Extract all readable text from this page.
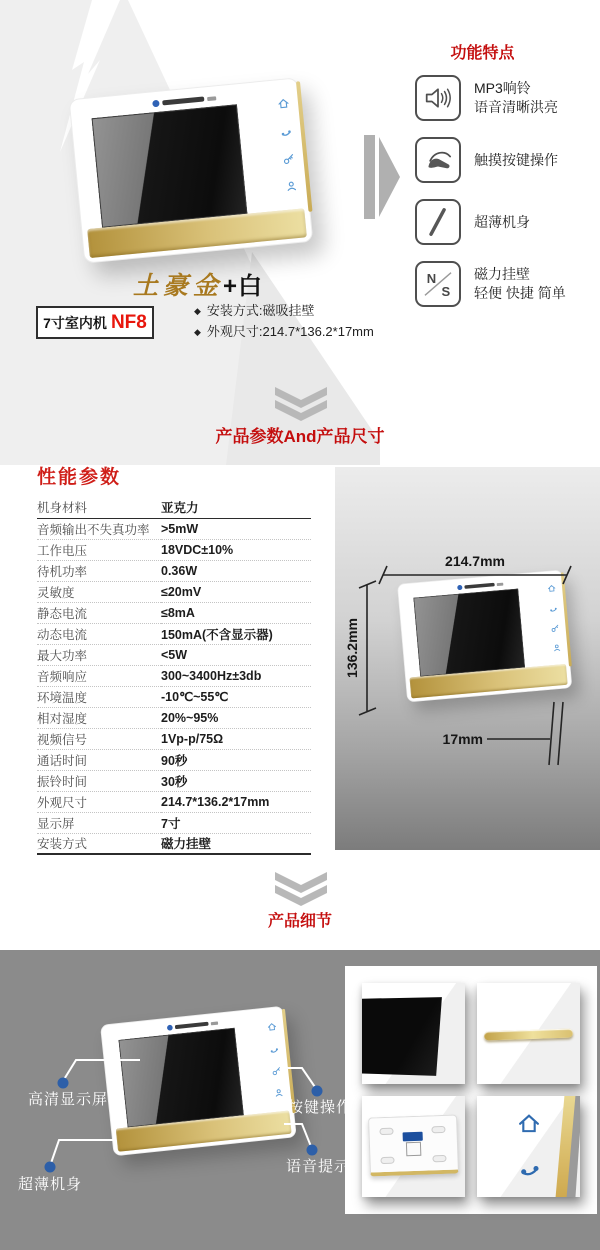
土豪金+白
7寸室内机 NF8
◆ 安装方式:磁吸挂壁
◆ 外观尺寸:214.7*136.2*17mm
功能特点
MP3响铃
语音清晰洪亮
触摸按键操作
超薄机身
N
S
磁力挂壁
轻便 快捷 简单
产品参数And产品尺寸
性能参数
机身材料	亚克力
音频输出不失真功率	>5mW
工作电压	18VDC±10%
待机功率	0.36W
灵敏度	≤20mV
静态电流	≤8mA
动态电流	150mA(不含显示器)
最大功率	<5W
音频响应	300~3400Hz±3db
环境温度	-10℃~55℃
相对湿度	20%~95%
视频信号	1Vp-p/75Ω
通话时间	90秒
振铃时间	30秒
外观尺寸	214.7*136.2*17mm
显示屏	7寸
安装方式	磁力挂壁
214.7mm
136.2mm
17mm
产品细节
高清显示屏	按键操作
超薄机身
语音提示
